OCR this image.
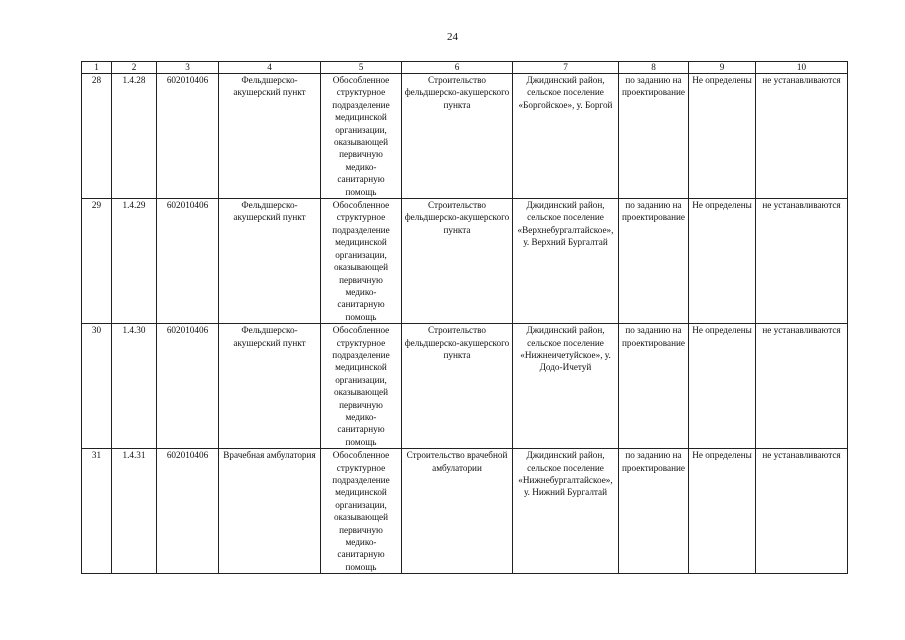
24
1	2	3	4	5	6	7	8	9	10
28	1.4.28	602010406	Фельдшерско-акушерский пункт	Обособленное структурное подразделение медицинской организации, оказывающей первичную медико-санитарную помощь	Строительство фельдшерско-акушерского пункта	Джидинский район, сельское поселение «Боргойское», у. Боргой	по заданию на проектирование	Не определены	не устанавливаются
29	1.4.29	602010406	Фельдшерско-акушерский пункт	Обособленное структурное подразделение медицинской организации, оказывающей первичную медико-санитарную помощь	Строительство фельдшерско-акушерского пункта	Джидинский район, сельское поселение «Верхнебургалтайское», у. Верхний Бургалтай	по заданию на проектирование	Не определены	не устанавливаются
30	1.4.30	602010406	Фельдшерско-акушерский пункт	Обособленное структурное подразделение медицинской организации, оказывающей первичную медико-санитарную помощь	Строительство фельдшерско-акушерского пункта	Джидинский район, сельское поселение «Нижнеичетуйское», у. Додо-Ичетуй	по заданию на проектирование	Не определены	не устанавливаются
31	1.4.31	602010406	Врачебная амбулатория	Обособленное структурное подразделение медицинской организации, оказывающей первичную медико-санитарную помощь	Строительство врачебной амбулатории	Джидинский район, сельское поселение «Нижнебургалтайское», у. Нижний Бургалтай	по заданию на проектирование	Не определены	не устанавливаются
